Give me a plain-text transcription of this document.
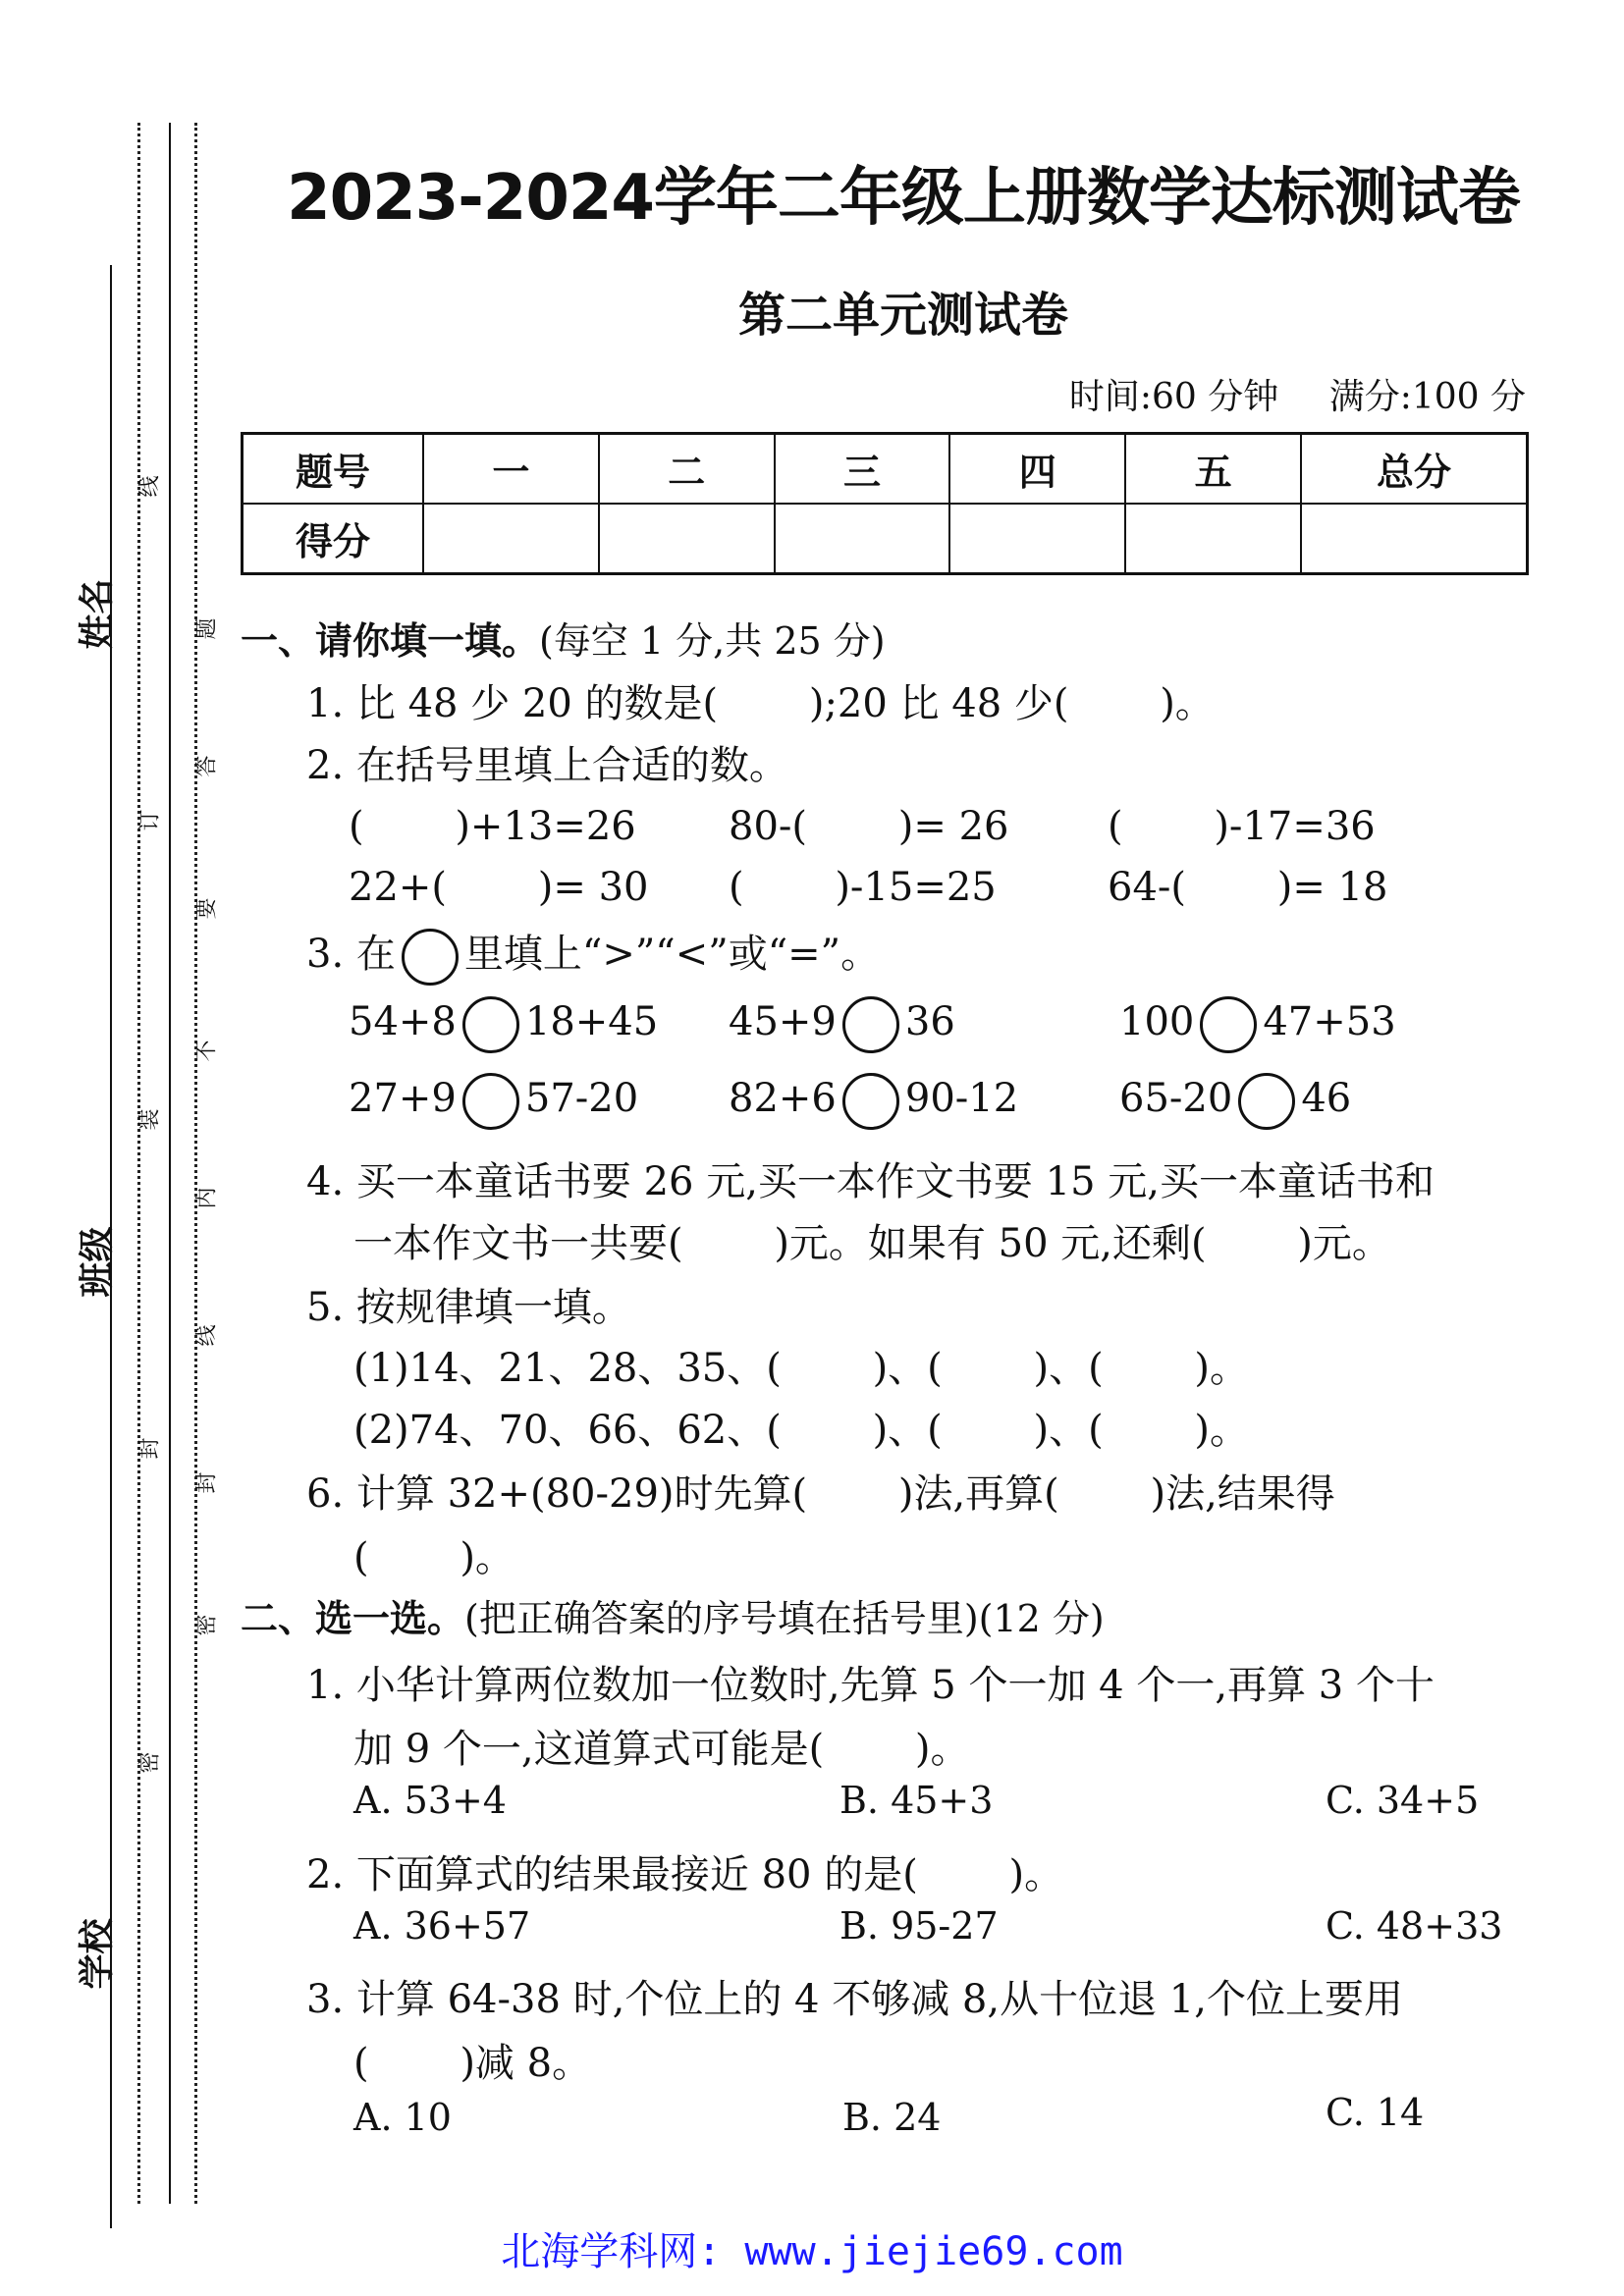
姓名
班级
学校
线
订
装
封
密
题
答
要
不
内
线
封
密
2023-2024学年二年级上册数学达标测试卷
第二单元测试卷
时间:60 分钟 满分:100 分
题号	一	二	三	四	五	总分
得分						
一、请你填一填。(每空 1 分,共 25 分)
1. 比 48 少 20 的数是(　　 );20 比 48 少(　　 )。
2. 在括号里填上合适的数。
(　　 )+13=26 80-(　　 )= 26	(　　 )-17=36
22+(　　 )= 30 (　　 )-15=25	64-(　　 )= 18
3. 在 里填上“>”“<”或“=”。
54+8 18+45 45+9 36	100 47+53
27+9 57-20 82+6 90-12	65-20 46
4. 买一本童话书要 26 元,买一本作文书要 15 元,买一本童话书和
一本作文书一共要(　　 )元。如果有 50 元,还剩(　　 )元。
5. 按规律填一填。
(1)14、21、28、35、(　　 )、(　　 )、(　　 )。
(2)74、70、66、62、(　　 )、(　　 )、(　　 )。
6. 计算 32+(80-29)时先算(　　 )法,再算(　　 )法,结果得
(　　 )。
二、选一选。(把正确答案的序号填在括号里)(12 分)
1. 小华计算两位数加一位数时,先算 5 个一加 4 个一,再算 3 个十
加 9 个一,这道算式可能是(　　 )。
A. 53+4	B. 45+3	C. 34+5
2. 下面算式的结果最接近 80 的是(　　 )。
A. 36+57	B. 95-27	C. 48+33
3. 计算 64-38 时,个位上的 4 不够减 8,从十位退 1,个位上要用
(　　 )减 8。
A. 10	B. 24	C. 14
北海学科网: www.jiejie69.com
